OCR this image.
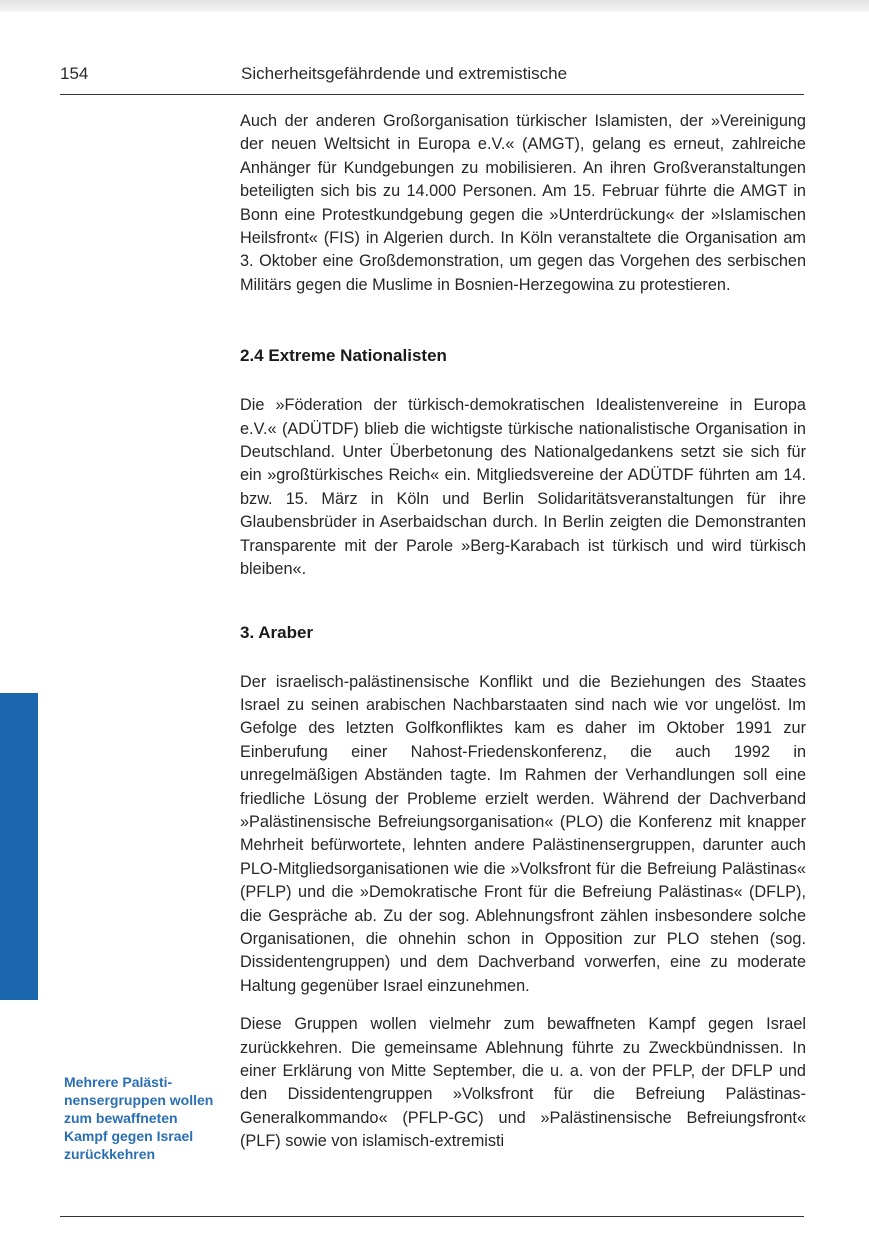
154	Sicherheitsgefährdende und extremistische
Mehrere Palästinensergruppen wollen zum bewaffneten Kampf gegen Israel zurückkehren

Auch der anderen Großorganisation türkischer Islamisten, der »Vereinigung der neuen Weltsicht in Europa e.V.« (AMGT), gelang es erneut, zahlreiche Anhänger für Kundgebungen zu mobilisieren. An ihren Großveranstaltungen beteiligten sich bis zu 14.000 Personen. Am 15. Februar führte die AMGT in Bonn eine Protestkundgebung gegen die »Unterdrückung« der »Islamischen Heilsfront« (FIS) in Algerien durch. In Köln veranstaltete die Organisation am 3. Oktober eine Großdemonstration, um gegen das Vorgehen des serbischen Militärs gegen die Muslime in Bosnien-Herzegowina zu protestieren.

2.4 Extreme Nationalisten

Die »Föderation der türkisch-demokratischen Idealistenvereine in Europa e.V.« (ADÜTDF) blieb die wichtigste türkische nationalistische Organisation in Deutschland. Unter Überbetonung des Nationalgedankens setzt sie sich für ein »großtürkisches Reich« ein. Mitgliedsvereine der ADÜTDF führten am 14. bzw. 15. März in Köln und Berlin Solidaritätsveranstaltungen für ihre Glaubensbrüder in Aserbaidschan durch. In Berlin zeigten die Demonstranten Transparente mit der Parole »Berg-Karabach ist türkisch und wird türkisch bleiben«.

3. Araber

Der israelisch-palästinensische Konflikt und die Beziehungen des Staates Israel zu seinen arabischen Nachbarstaaten sind nach wie vor ungelöst. Im Gefolge des letzten Golfkonfliktes kam es daher im Oktober 1991 zur Einberufung einer Nahost-Friedenskonferenz, die auch 1992 in unregelmäßigen Abständen tagte. Im Rahmen der Verhandlungen soll eine friedliche Lösung der Probleme erzielt werden. Während der Dachverband »Palästinensische Befreiungsorganisation« (PLO) die Konferenz mit knapper Mehrheit befürwortete, lehnten andere Palästinensergruppen, darunter auch PLO-Mitgliedsorganisationen wie die »Volksfront für die Befreiung Palästinas« (PFLP) und die »Demokratische Front für die Befreiung Palästinas« (DFLP), die Gespräche ab. Zu der sog. Ablehnungsfront zählen insbesondere solche Organisationen, die ohnehin schon in Opposition zur PLO stehen (sog. Dissidentengruppen) und dem Dachverband vorwerfen, eine zu moderate Haltung gegenüber Israel einzunehmen.

Diese Gruppen wollen vielmehr zum bewaffneten Kampf gegen Israel zurückkehren. Die gemeinsame Ablehnung führte zu Zweckbündnissen. In einer Erklärung von Mitte September, die u. a. von der PFLP, der DFLP und den Dissidentengruppen »Volksfront für die Befreiung Palästinas-Generalkommando« (PFLP-GC) und »Palästinensische Befreiungsfront« (PLF) sowie von islamisch-extremisti
